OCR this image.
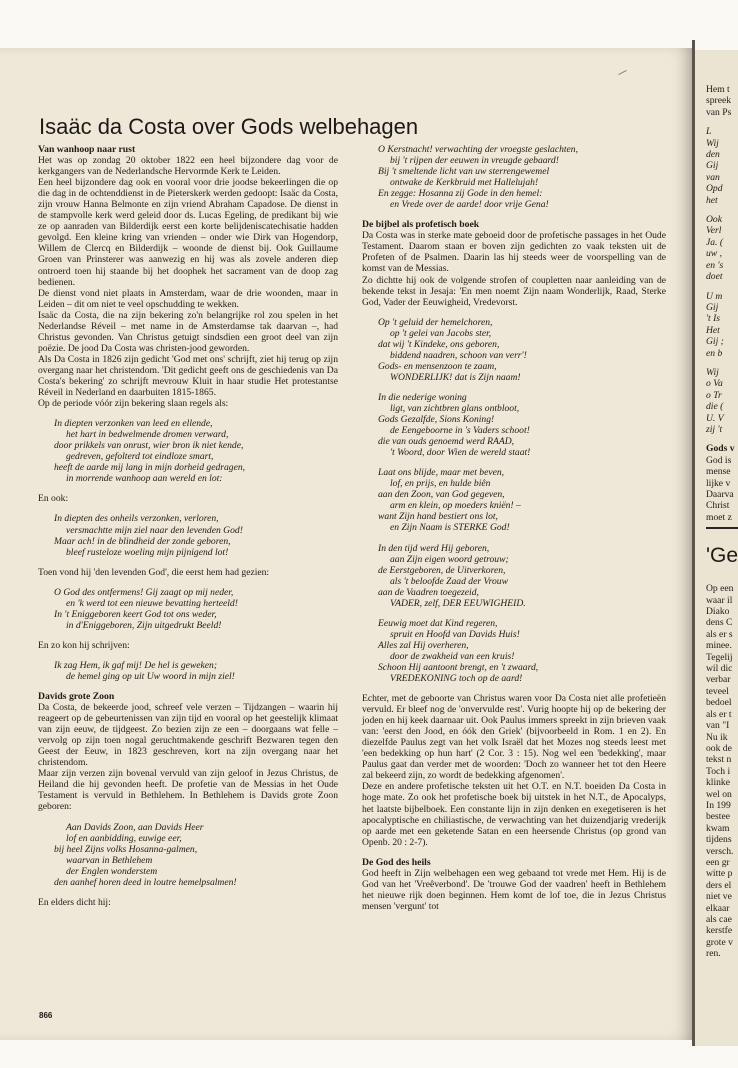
Isaäc da Costa over Gods welbehagen
Van wanhoop naar rust

Het was op zondag 20 oktober 1822 een heel bijzondere dag voor de kerkgangers van de Nederlandsche Hervormde Kerk te Leiden.

Een heel bijzondere dag ook en vooral voor drie joodse bekeerlingen die op die dag in de ochtenddienst in de Pieterskerk werden gedoopt: Isaäc da Costa, zijn vrouw Hanna Belmonte en zijn vriend Abraham Capadose. De dienst in de stampvolle kerk werd geleid door ds. Lucas Egeling, de predikant bij wie ze op aanraden van Bilderdijk eerst een korte belijdeniscatechisatie hadden gevolgd. Een kleine kring van vrienden – onder wie Dirk van Hogendorp, Willem de Clercq en Bilderdijk – woonde de dienst bij. Ook Guillaume Groen van Prinsterer was aanwezig en hij was als zovele anderen diep ontroerd toen hij staande bij het doophek het sacrament van de doop zag bedienen.

De dienst vond niet plaats in Amsterdam, waar de drie woonden, maar in Leiden – dit om niet te veel opschudding te wekken.

Isaäc da Costa, die na zijn bekering zo'n belangrijke rol zou spelen in het Nederlandse Réveil – met name in de Amsterdamse tak daarvan –, had Christus gevonden. Van Christus getuigt sindsdien een groot deel van zijn poëzie. De jood Da Costa was christen-jood geworden.

Als Da Costa in 1826 zijn gedicht 'God met ons' schrijft, ziet hij terug op zijn overgang naar het christendom. 'Dit gedicht geeft ons de geschiedenis van Da Costa's bekering' zo schrijft mevrouw Kluit in haar studie Het protestantse Réveil in Nederland en daarbuiten 1815-1865.

Op de periode vóór zijn bekering slaan regels als:

In diepten verzonken van leed en ellende,
het hart in bedwelmende dromen verward,
door prikkels van onrust, wier bron ik niet kende,
gedreven, gefolterd tot eindloze smart,
heeft de aarde mij lang in mijn dorheid gedragen,
in morrende wanhoop aan wereld en lot:

En ook:

In diepten des onheils verzonken, verloren,
versmachtte mijn ziel naar den levenden God!
Maar ach! in de blindheid der zonde geboren,
bleef rusteloze woeling mijn pijnigend lot!

Toen vond hij 'den levenden God', die eerst hem had gezien:

O God des ontfermens! Gij zaagt op mij neder,
en 'k werd tot een nieuwe bevatting herteeld!
In 't Eniggeboren keert God tot ons weder,
in d'Eniggeboren, Zijn uitgedrukt Beeld!

En zo kon hij schrijven:

Ik zag Hem, ik gaf mij! De hel is geweken;
de hemel ging op uit Uw woord in mijn ziel!
Davids grote Zoon

Da Costa, de bekeerde jood, schreef vele verzen – Tijdzangen – waarin hij reageert op de gebeurtenissen van zijn tijd en vooral op het geestelijk klimaat van zijn eeuw, de tijdgeest. Zo bezien zijn ze een – doorgaans wat felle – vervolg op zijn toen nogal geruchtmakende geschrift Bezwaren tegen den Geest der Eeuw, in 1823 geschreven, kort na zijn overgang naar het christendom.

Maar zijn verzen zijn bovenal vervuld van zijn geloof in Jezus Christus, de Heiland die hij gevonden heeft. De profetie van de Messias in het Oude Testament is vervuld in Bethlehem. In Bethlehem is Davids grote Zoon geboren:

Aan Davids Zoon, aan Davids Heer
lof en aanbidding, euwige eer,
bij heel Zijns volks Hosanna-galmen,
waarvan in Bethlehem
der Englen wonderstem
den aanhef horen deed in loutre hemelpsalmen!

En elders dicht hij:

O Kerstnacht! verwachting der vroegste geslachten,
bij 't rijpen der eeuwen in vreugde gebaard!
Bij 't smeltende licht van uw sterrengewemel
ontwake de Kerkbruid met Hallelujah!
En zegge: Hosanna zij Gode in den hemel:
en Vrede over de aarde! door vrije Gena!
De bijbel als profetisch boek

Da Costa was in sterke mate geboeid door de profetische passages in het Oude Testament. Daarom staan er boven zijn gedichten zo vaak teksten uit de Profeten of de Psalmen. Daarin las hij steeds weer de voorspelling van de komst van de Messias.

Zo dichtte hij ook de volgende strofen of coupletten naar aanleiding van de bekende tekst in Jesaja: 'En men noemt Zijn naam Wonderlijk, Raad, Sterke God, Vader der Eeuwigheid, Vredevorst.

Op 't geluid der hemelchoren,
op 't gelei van Jacobs ster,
dat wij 't Kindeke, ons geboren,
biddend naadren, schoon van verr'!
Gods- en mensenzoon te zaam,
WONDERLIJK! dat is Zijn naam!
In die nederige woning
ligt, van zichtbren glans ontbloot,
Gods Gezalfde, Sions Koning!
de Eengeboorne in 's Vaders schoot!
die van ouds genoemd werd RAAD,
't Woord, door Wien de wereld staat!
Laat ons blijde, maar met beven,
lof, en prijs, en hulde biên
aan den Zoon, van God gegeven,
arm en klein, op moeders kniën! –
want Zijn hand bestiert ons lot,
en Zijn Naam is STERKE God!
In den tijd werd Hij geboren,
aan Zijn eigen woord getrouw;
de Eerstgeboren, de Uitverkoren,
als 't beloofde Zaad der Vrouw
aan de Vaadren toegezeid,
VADER, zelf, DER EEUWIGHEID.
Eeuwig moet dat Kind regeren,
spruit en Hoofd van Davids Huis!
Alles zal Hij overheren,
door de zwakheid van een kruis!
Schoon Hij aantoont brengt, en 't zwaard,
VREDEKONING toch op de aard!

Echter, met de geboorte van Christus waren voor Da Costa niet alle profetieën vervuld. Er bleef nog de 'onvervulde rest'. Vurig hoopte hij op de bekering der joden en hij keek daarnaar uit. Ook Paulus immers spreekt in zijn brieven vaak van: 'eerst den Jood, en óók den Griek' (bijvoorbeeld in Rom. 1 en 2). En diezelfde Paulus zegt van het volk Israël dat het Mozes nog steeds leest met 'een bedekking op hun hart' (2 Cor. 3 : 15). Nog wel een 'bedekking', maar Paulus gaat dan verder met de woorden: 'Doch zo wanneer het tot den Heere zal bekeerd zijn, zo wordt de bedekking afgenomen'.

Deze en andere profetische teksten uit het O.T. en N.T. boeiden Da Costa in hoge mate. Zo ook het profetische boek bij uitstek in het N.T., de Apocalyps, het laatste bijbelboek. Een constante lijn in zijn denken en exegetiseren is het apocalyptische en chiliastische, de verwachting van het duizendjarig vrederijk op aarde met een geketende Satan en een heersende Christus (op grond van Openb. 20 : 2-7).

De God des heils

God heeft in Zijn welbehagen een weg gebaand tot vrede met Hem. Hij is de God van het 'Vreêverbond'. De 'trouwe God der vaadren' heeft in Bethlehem het nieuwe rijk doen beginnen. Hem komt de lof toe, die in Jezus Christus mensen 'vergunt' tot

866
Hem t
spreek
van Ps
L
Wij
den
Gij
van
Opd
het
Ook
Verl
Ja. (
uw ,
en 's
doet
U m
Gij
't Is
Het
Gij ;
en b
Wij
o Va
o Tr
die (
U. V
zij 't
Gods v
God is
mense
lijke v
Daarva
Christ
moet z
'Ge
Op een
waar il
Diako
dens C
als er s
minee.
Tegelij
wil dic
verbar
teveel
bedoel
als er t
van "I
Nu ik
ook de
tekst n
Toch i
klinke
wel on
In 199
bestee
kwam
tijdens
versch.
een gr
witte p
ders el
niet ve
elkaar
als cae
kerstfe
grote v
ren.
